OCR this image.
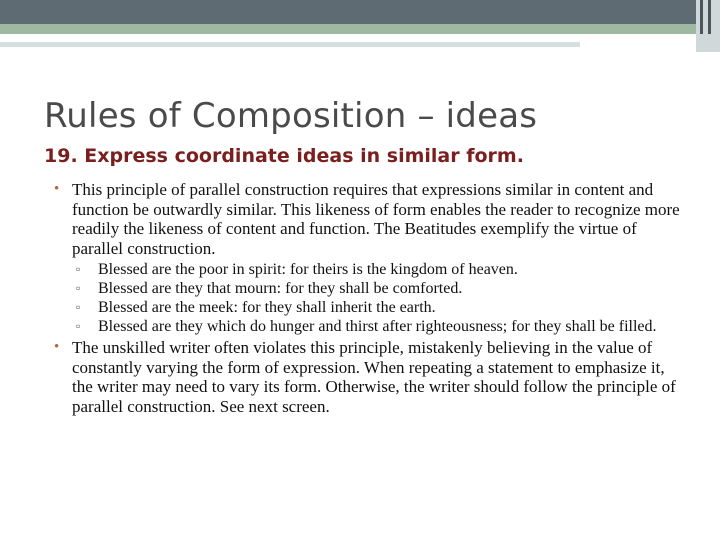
Rules of Composition – ideas
19. Express coordinate ideas in similar form.
• This principle of parallel construction requires that expressions similar in content and function be outwardly similar. This likeness of form enables the reader to recognize more readily the likeness of content and function. The Beatitudes exemplify the virtue of parallel construction.
▫ Blessed are the poor in spirit: for theirs is the kingdom of heaven.
▫ Blessed are they that mourn: for they shall be comforted.
▫ Blessed are the meek: for they shall inherit the earth.
▫ Blessed are they which do hunger and thirst after righteousness; for they shall be filled.
• The unskilled writer often violates this principle, mistakenly believing in the value of constantly varying the form of expression. When repeating a statement to emphasize it, the writer may need to vary its form. Otherwise, the writer should follow the principle of parallel construction. See next screen.
